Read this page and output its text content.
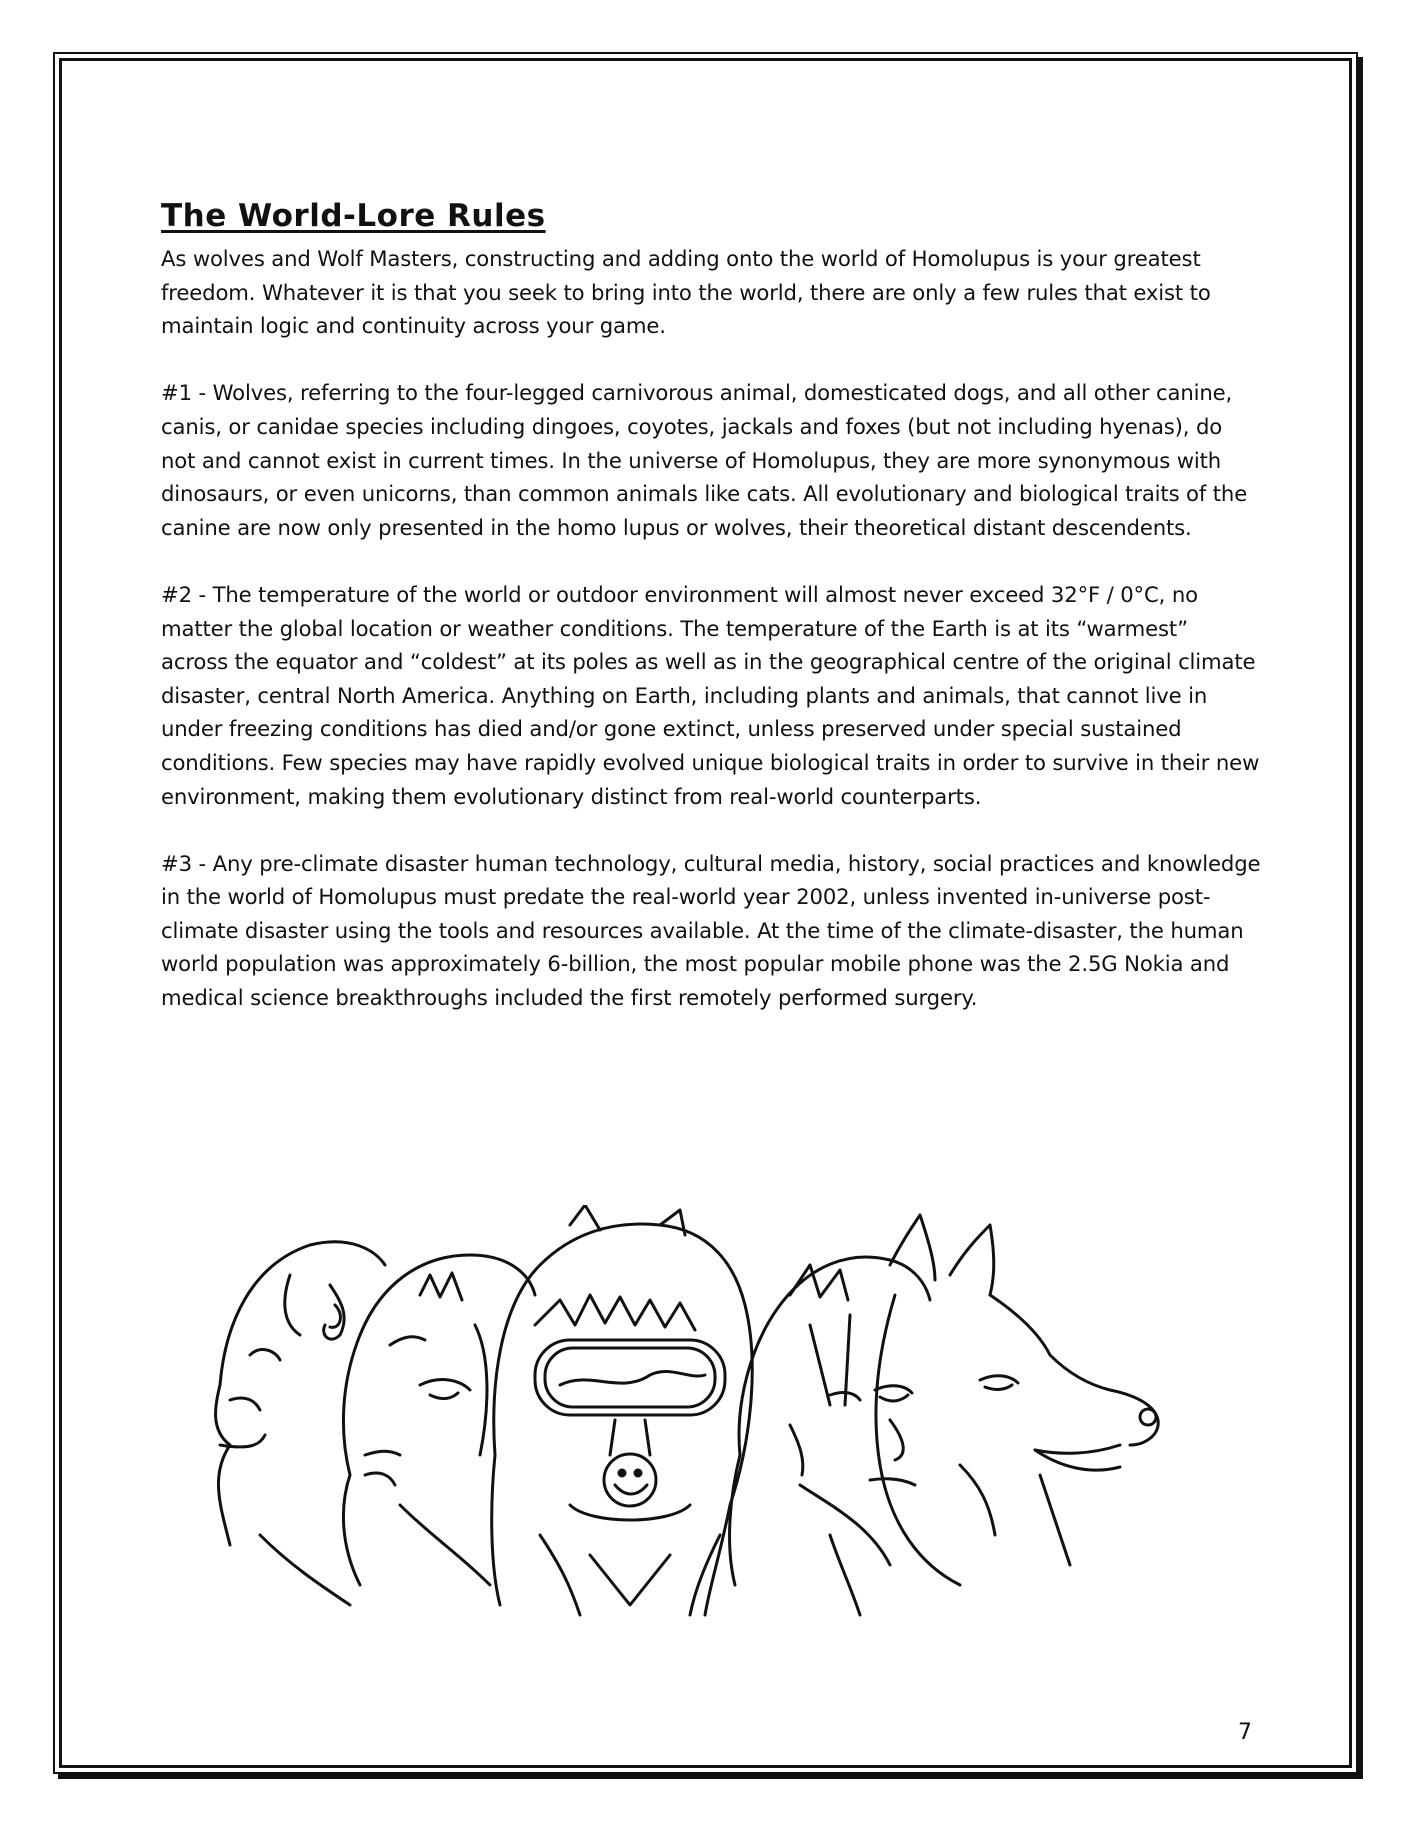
The World-Lore Rules

As wolves and Wolf Masters, constructing and adding onto the world of Homolupus is your greatest freedom. Whatever it is that you seek to bring into the world, there are only a few rules that exist to maintain logic and continuity across your game.

#1 - Wolves, referring to the four-legged carnivorous animal, domesticated dogs, and all other canine, canis, or canidae species including dingoes, coyotes, jackals and foxes (but not including hyenas), do not and cannot exist in current times. In the universe of Homolupus, they are more synonymous with dinosaurs, or even unicorns, than common animals like cats. All evolutionary and biological traits of the canine are now only presented in the homo lupus or wolves, their theoretical distant descendents.

#2 - The temperature of the world or outdoor environment will almost never exceed 32°F / 0°C, no matter the global location or weather conditions. The temperature of the Earth is at its “warmest” across the equator and “coldest” at its poles as well as in the geographical centre of the original climate disaster, central North America. Anything on Earth, including plants and animals, that cannot live in under freezing conditions has died and/or gone extinct, unless preserved under special sustained conditions. Few species may have rapidly evolved unique biological traits in order to survive in their new environment, making them evolutionary distinct from real-world counterparts.

#3 - Any pre-climate disaster human technology, cultural media, history, social practices and knowledge in the world of Homolupus must predate the real-world year 2002, unless invented in-universe post-climate disaster using the tools and resources available. At the time of the climate-disaster, the human world population was approximately 6-billion, the most popular mobile phone was the 2.5G Nokia and medical science breakthroughs included the first remotely performed surgery.

7
